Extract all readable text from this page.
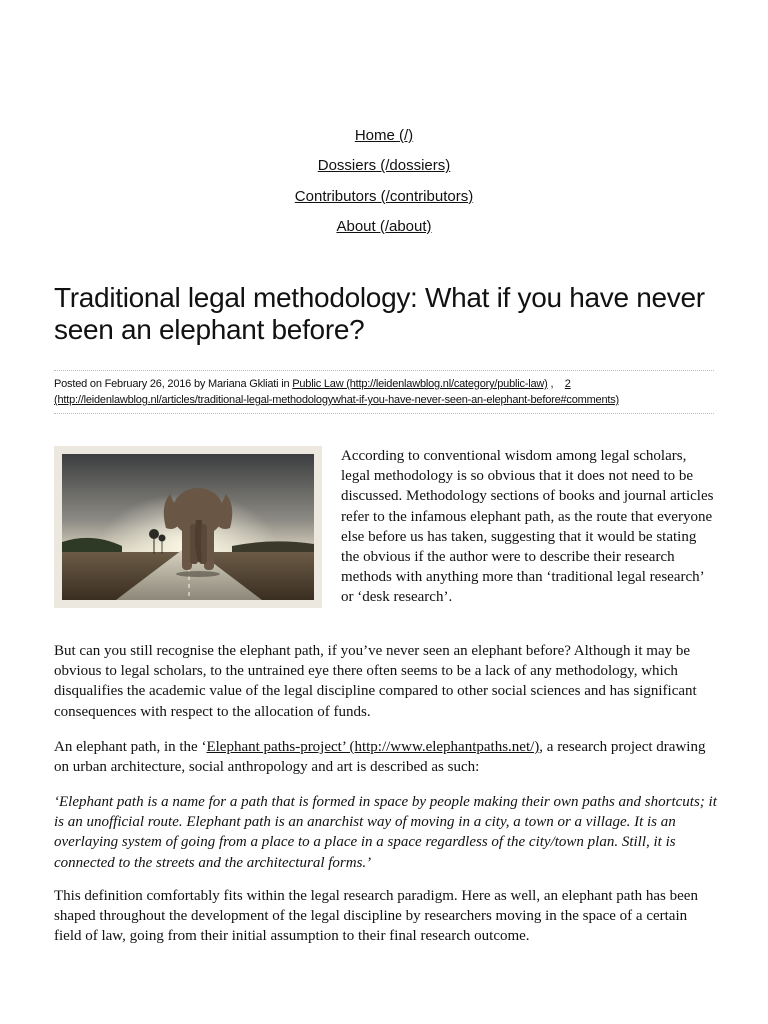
Home (/)
Dossiers (/dossiers)
Contributors (/contributors)
About (/about)
Traditional legal methodology: What if you have never seen an elephant before?
Posted on February 26, 2016 by Mariana Gkliati in Public Law (http://leidenlawblog.nl/category/public-law) , 2 (http://leidenlawblog.nl/articles/traditional-legal-methodologywhat-if-you-have-never-seen-an-elephant-before#comments)

According to conventional wisdom among legal scholars, legal methodology is so obvious that it does not need to be discussed. Methodology sections of books and journal articles refer to the infamous elephant path, as the route that everyone else before us has taken, suggesting that it would be stating the obvious if the author were to describe their research methods with anything more than ‘traditional legal research’ or ‘desk research’.

But can you still recognise the elephant path, if you’ve never seen an elephant before? Although it may be obvious to legal scholars, to the untrained eye there often seems to be a lack of any methodology, which disqualifies the academic value of the legal discipline compared to other social sciences and has significant consequences with respect to the allocation of funds.

An elephant path, in the ‘Elephant paths-project’ (http://www.elephantpaths.net/), a research project drawing on urban architecture, social anthropology and art is described as such:

‘Elephant path is a name for a path that is formed in space by people making their own paths and shortcuts; it is an unofficial route. Elephant path is an anarchist way of moving in a city, a town or a village. It is an overlaying system of going from a place to a place in a space regardless of the city/town plan. Still, it is connected to the streets and the architectural forms.’

This definition comfortably fits within the legal research paradigm. Here as well, an elephant path has been shaped throughout the development of the legal discipline by researchers moving in the space of a certain field of law, going from their initial assumption to their final research outcome.
